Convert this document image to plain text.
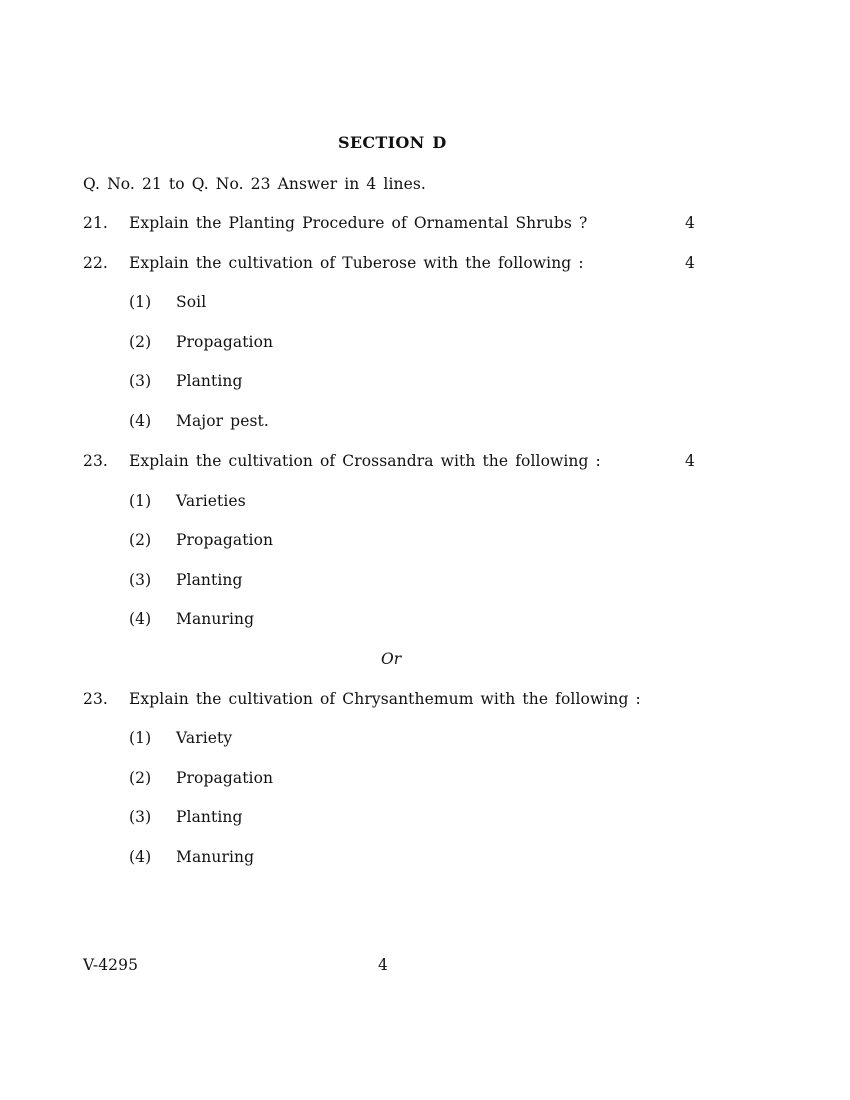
SECTION D
Q. No. 21 to Q. No. 23 Answer in 4 lines.
21. Explain the Planting Procedure of Ornamental Shrubs ?	4
22. Explain the cultivation of Tuberose with the following :	4
(1) Soil
(2) Propagation
(3) Planting
(4) Major pest.
23. Explain the cultivation of Crossandra with the following :	4
(1) Varieties
(2) Propagation
(3) Planting
(4) Manuring
Or
23. Explain the cultivation of Chrysanthemum with the following :
(1) Variety
(2) Propagation
(3) Planting
(4) Manuring
V-4295	4
